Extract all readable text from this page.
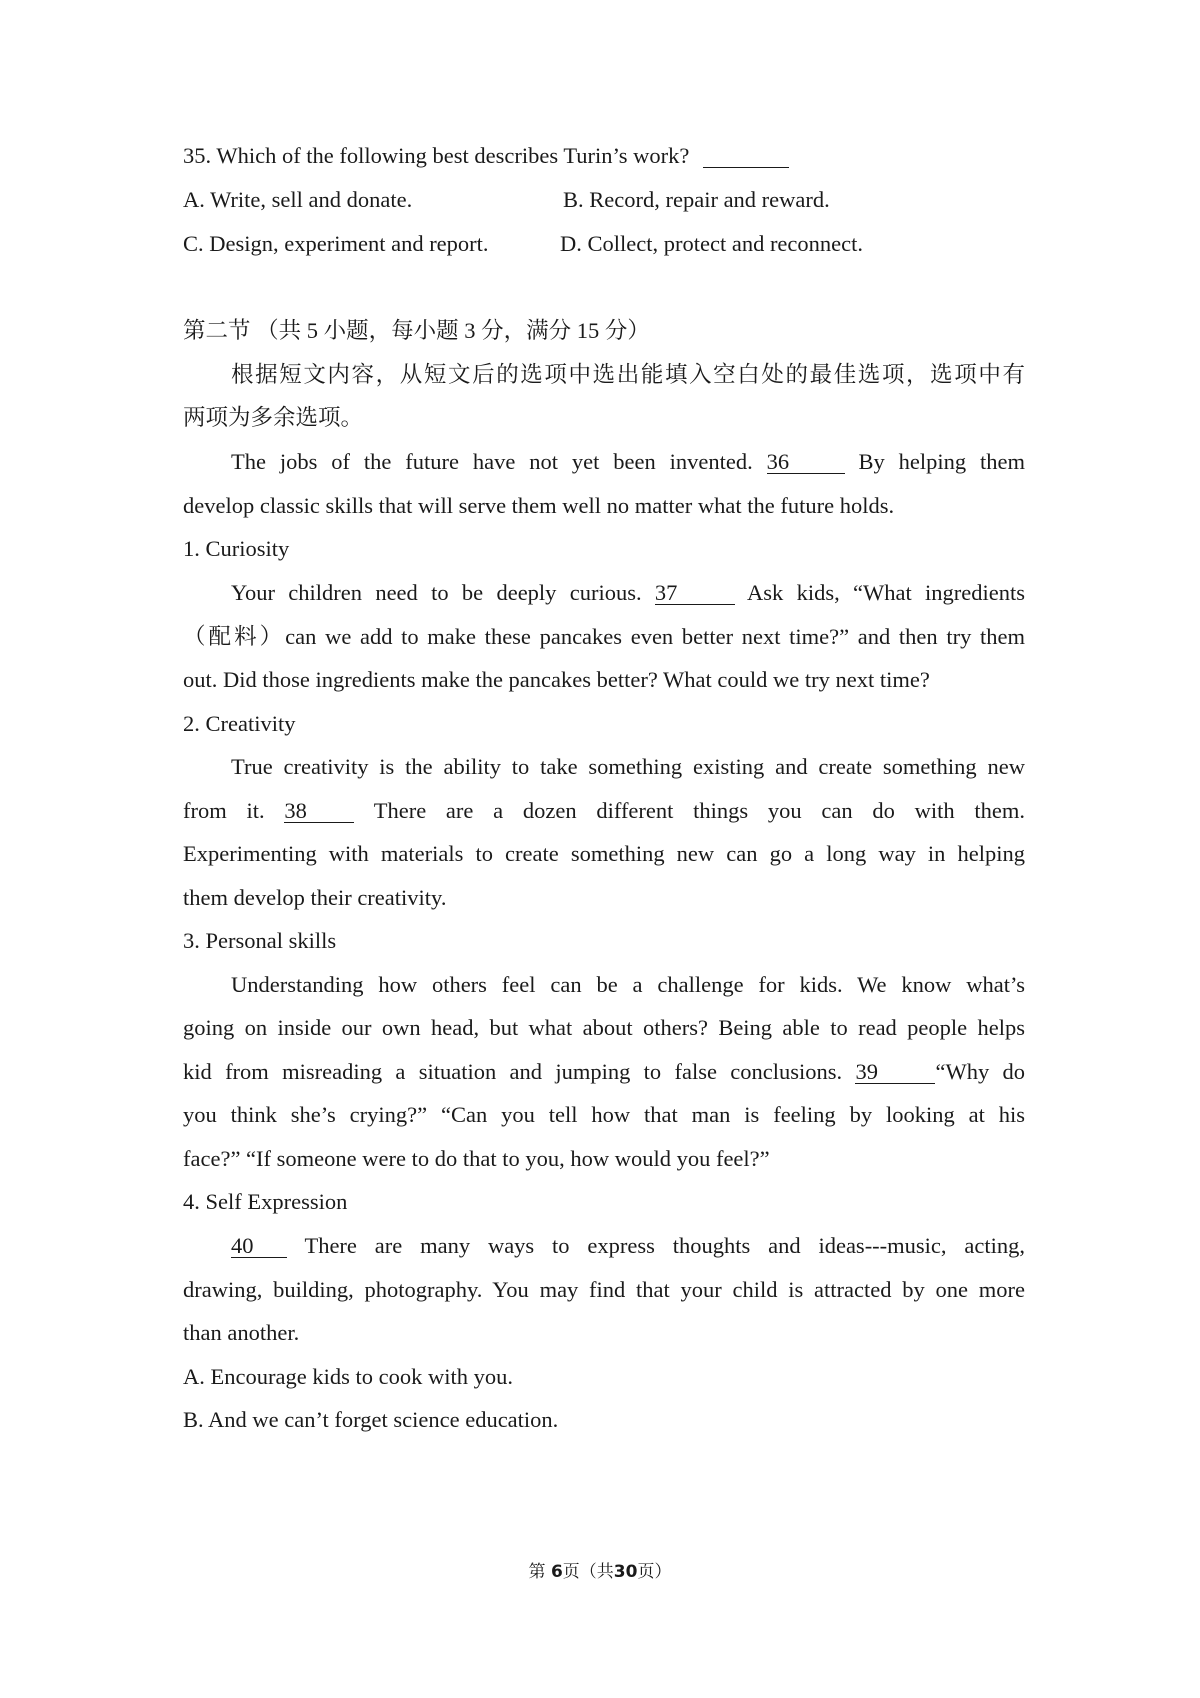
35. Which of the following best describes Turin’s work?
A. Write, sell and donate.	B. Record, repair and reward.
C. Design, experiment and report.	D. Collect, protect and reconnect.
第二节 （共 5 小题，每小题 3 分，满分 15 分）
根据短文内容，从短文后的选项中选出能填入空白处的最佳选项，选项中有
两项为多余选项。
The jobs of the future have not yet been invented. 36	By helping them
develop classic skills that will serve them well no matter what the future holds.
1. Curiosity
Your children need to be deeply curious. 37	Ask kids, “What ingredients
（配料）can we add to make these pancakes even better next time?” and then try them
out. Did those ingredients make the pancakes better? What could we try next time?
2. Creativity
True creativity is the ability to take something existing and create something new
from it. 38	There are a dozen different things you can do with them.
Experimenting with materials to create something new can go a long way in helping
them develop their creativity.
3. Personal skills
Understanding how others feel can be a challenge for kids. We know what’s
going on inside our own head, but what about others? Being able to read people helps
kid from misreading a situation and jumping to false conclusions. 39	“Why do
you think she’s crying?” “Can you tell how that man is feeling by looking at his
face?” “If someone were to do that to you, how would you feel?”
4. Self Expression
40 There are many ways to express thoughts and ideas---music, acting,
drawing, building, photography. You may find that your child is attracted by one more
than another.
A. Encourage kids to cook with you.
B. And we can’t forget science education.
第 6页（共30页）
